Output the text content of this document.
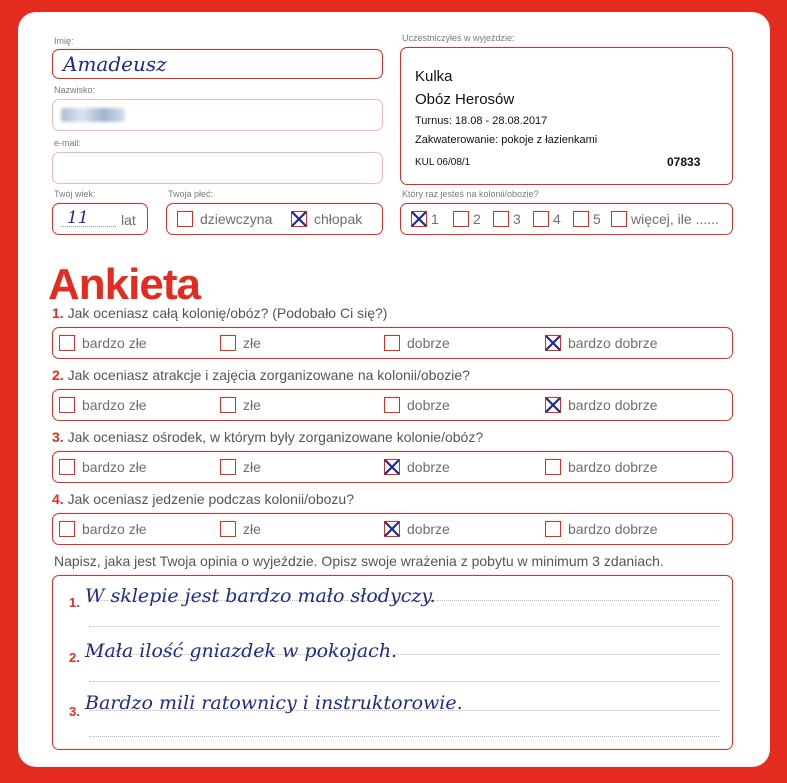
Imię:
Amadeusz
Nazwisko:
e-mail:
Twój wiek:
11 lat
Twoja płeć:
dziewczyna	chłopak
Uczestniczyłeś w wyjeździe:
Kulka
Obóz Herosów
Turnus: 18.08 - 28.08.2017
Zakwaterowanie: pokoje z łazienkami
KUL 06/08/1	07833
Który raz jesteś na kolonii/obozie?
1 2 3 4 5 więcej, ile ......
Ankieta
1. Jak oceniasz całą kolonię/obóz? (Podobało Ci się?)
bardzo złe	złe	dobrze	bardzo dobrze
2. Jak oceniasz atrakcje i zajęcia zorganizowane na kolonii/obozie?
bardzo złe	złe	dobrze	bardzo dobrze
3. Jak oceniasz ośrodek, w którym były zorganizowane kolonie/obóz?
bardzo złe	złe	dobrze	bardzo dobrze
4. Jak oceniasz jedzenie podczas kolonii/obozu?
bardzo złe	złe	dobrze	bardzo dobrze
Napisz, jaka jest Twoja opinia o wyjeździe. Opisz swoje wrażenia z pobytu w minimum 3 zdaniach.
1. W sklepie jest bardzo mało słodyczy.
2. Mała ilość gniazdek w pokojach.
3. Bardzo mili ratownicy i instruktorowie.
